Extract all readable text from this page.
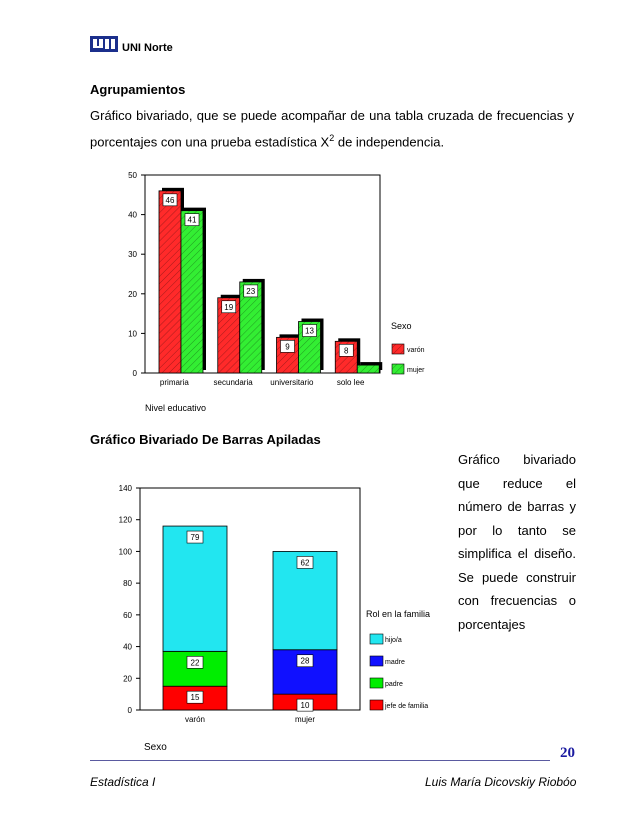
UNI Norte
Agrupamientos
Gráfico bivariado, que se puede acompañar de una tabla cruzada de frecuencias y
porcentajes con una prueba estadística $X^2$ de independencia.
0
10
20
30
40
50
primaria
46
41
secundaria
19
23
universitario
9
13
solo lee
8
Nivel educativo
Sexo
varón
mujer
Gráfico Bivariado De Barras Apiladas
Gráfico bivariado
que reduce el
número de barras y
por lo tanto se
simplifica el diseño.
Se puede construir
con frecuencias o
porcentajes
0
20
40
60
80
100
120
140
varón
15
22
79
mujer
10
28
62
Sexo
Rol en la familia
hijo/a
madre
padre
jefe de familia
20
Estadística I	Luis María Dicovskiy Riobóo
